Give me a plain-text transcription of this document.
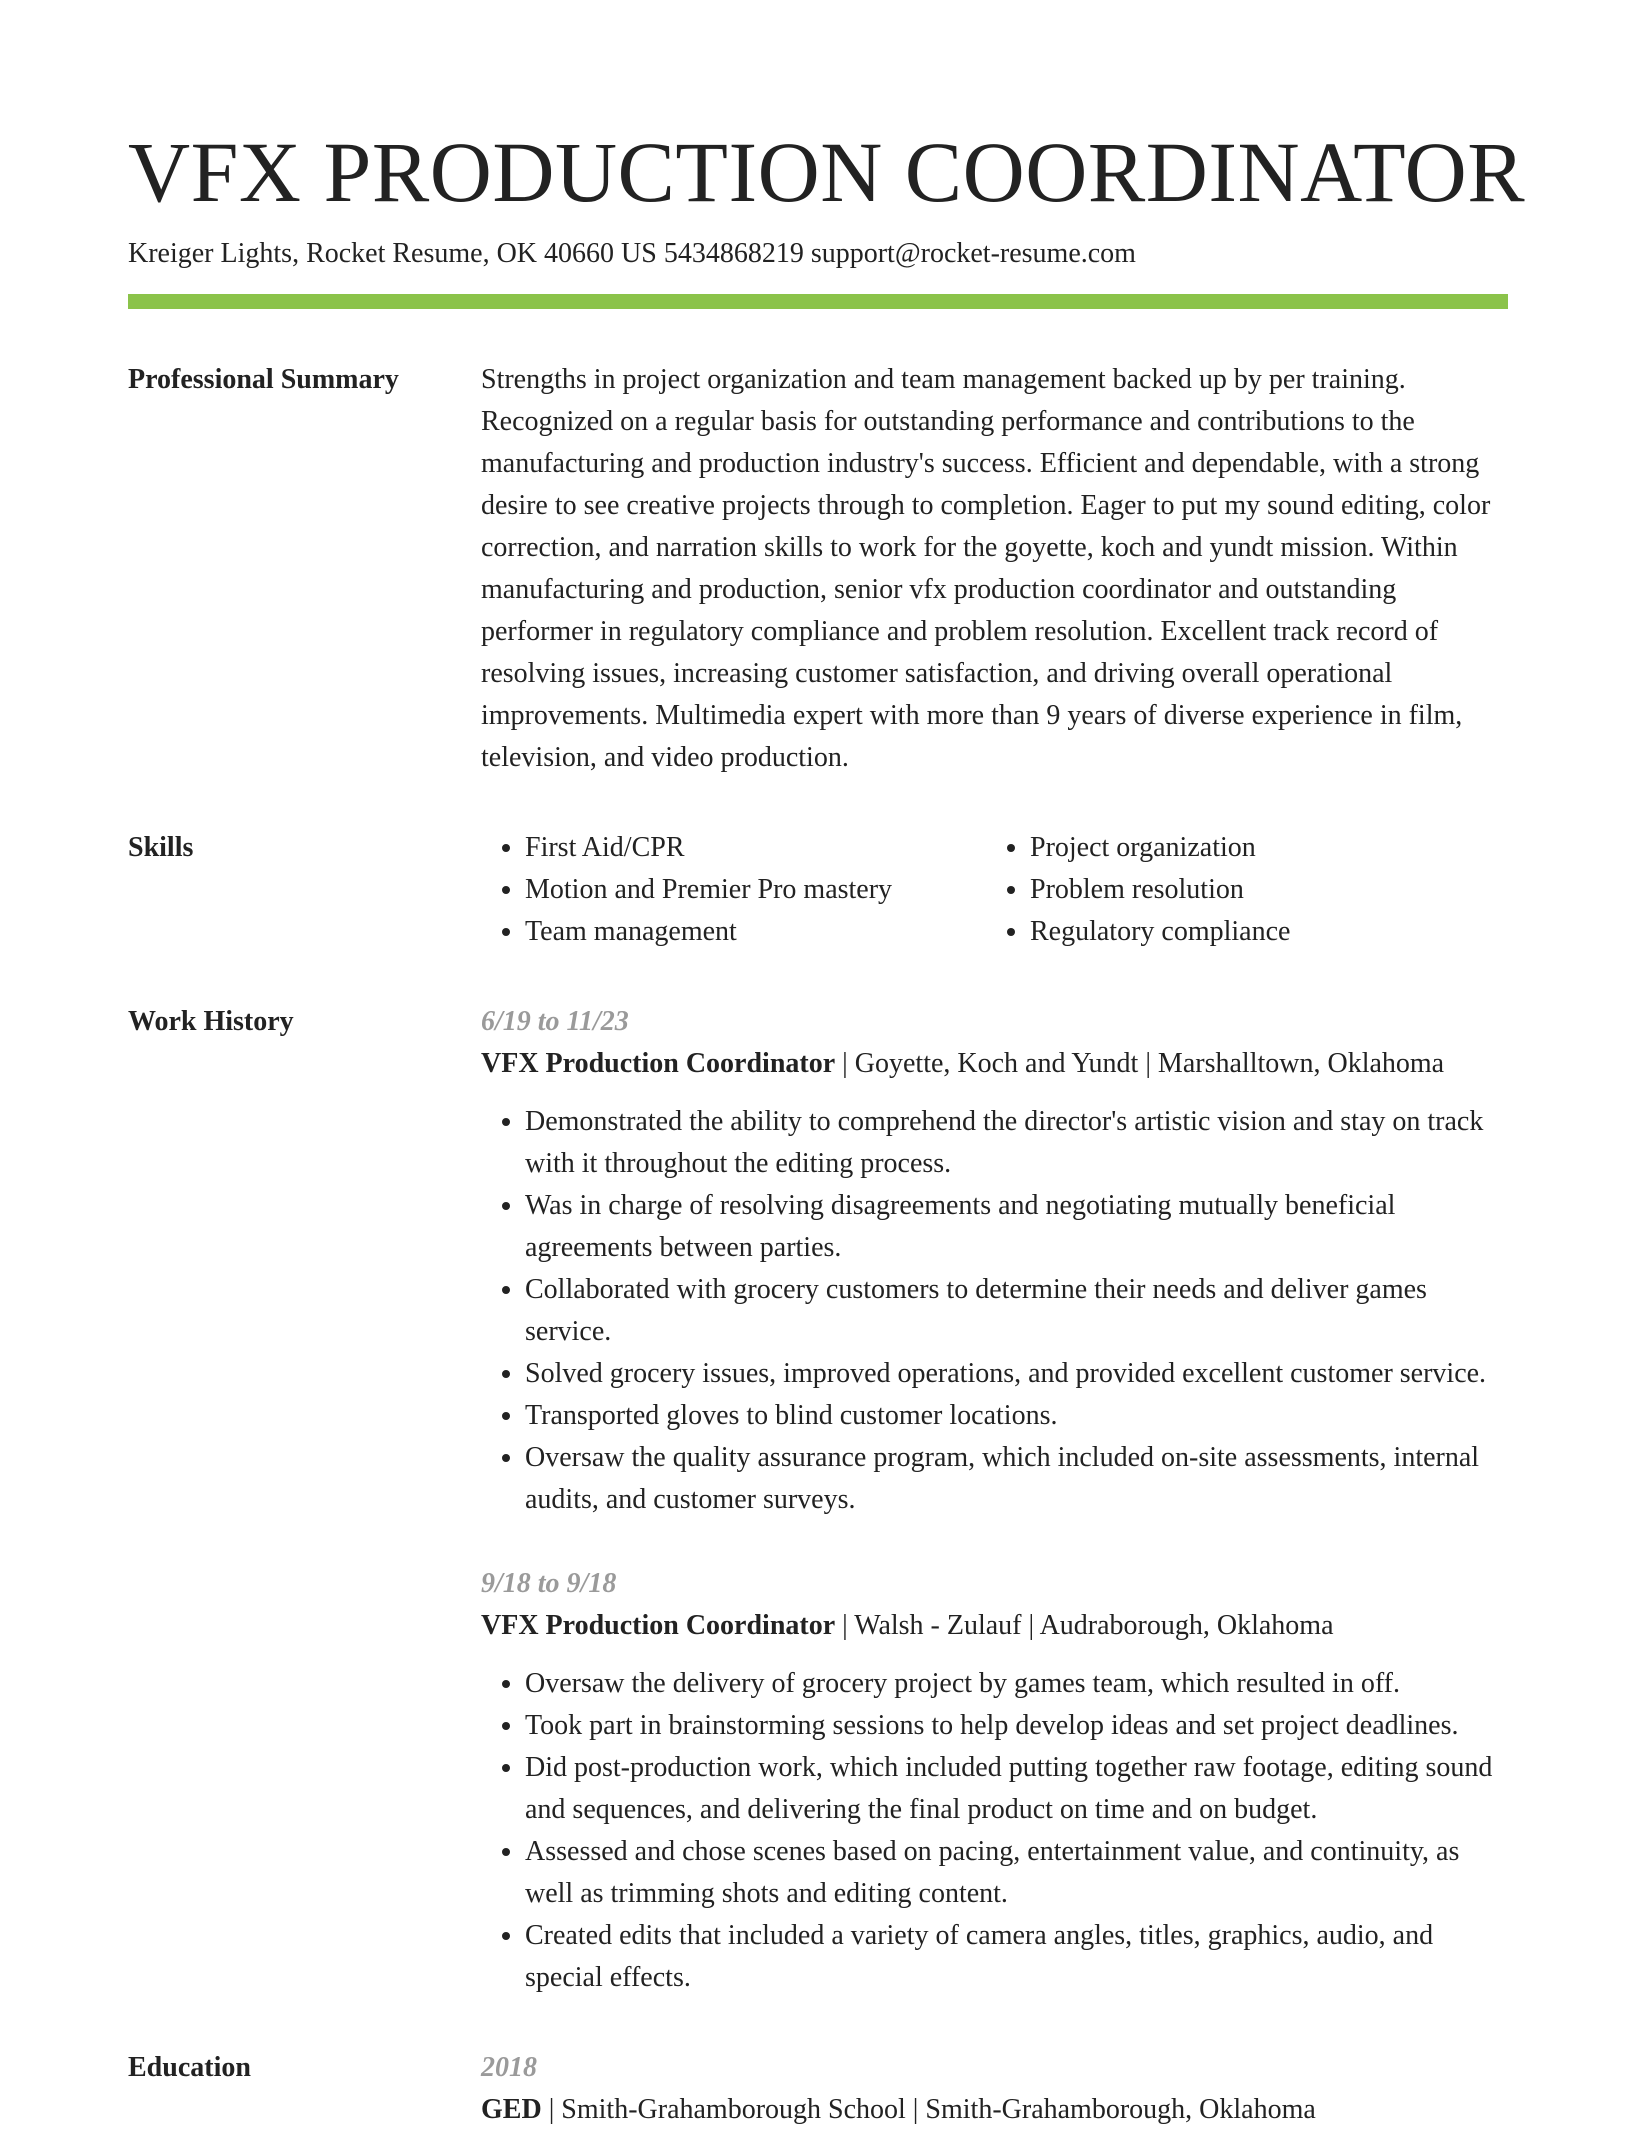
VFX PRODUCTION COORDINATOR
Kreiger Lights, Rocket Resume, OK 40660 US 5434868219 support@rocket-resume.com
Professional Summary	Strengths in project organization and team management backed up by per training. Recognized on a regular basis for outstanding performance and contributions to the manufacturing and production industry's success. Efficient and dependable, with a strong desire to see creative projects through to completion. Eager to put my sound editing, color correction, and narration skills to work for the goyette, koch and yundt mission. Within manufacturing and production, senior vfx production coordinator and outstanding performer in regulatory compliance and problem resolution. Excellent track record of resolving issues, increasing customer satisfaction, and driving overall operational improvements. Multimedia expert with more than 9 years of diverse experience in film, television, and video production.

Skills
•	First Aid/CPR
• Motion and Premier Pro mastery
• Team management
• Project organization
• Problem resolution
• Regulatory compliance
Work History	6/19 to 11/23
VFX Production Coordinator | Goyette, Koch and Yundt | Marshalltown, Oklahoma
• Demonstrated the ability to comprehend the director's artistic vision and stay on track with it throughout the editing process.
• Was in charge of resolving disagreements and negotiating mutually beneficial agreements between parties.
• Collaborated with grocery customers to determine their needs and deliver games service.
• Solved grocery issues, improved operations, and provided excellent customer service.
• Transported gloves to blind customer locations.
• Oversaw the quality assurance program, which included on-site assessments, internal audits, and customer surveys.
9/18 to 9/18
VFX Production Coordinator | Walsh - Zulauf | Audraborough, Oklahoma
• Oversaw the delivery of grocery project by games team, which resulted in off.
• Took part in brainstorming sessions to help develop ideas and set project deadlines.
• Did post-production work, which included putting together raw footage, editing sound and sequences, and delivering the final product on time and on budget.
• Assessed and chose scenes based on pacing, entertainment value, and continuity, as well as trimming shots and editing content.
• Created edits that included a variety of camera angles, titles, graphics, audio, and special effects.
Education	2018
GED | Smith-Grahamborough School | Smith-Grahamborough, Oklahoma
